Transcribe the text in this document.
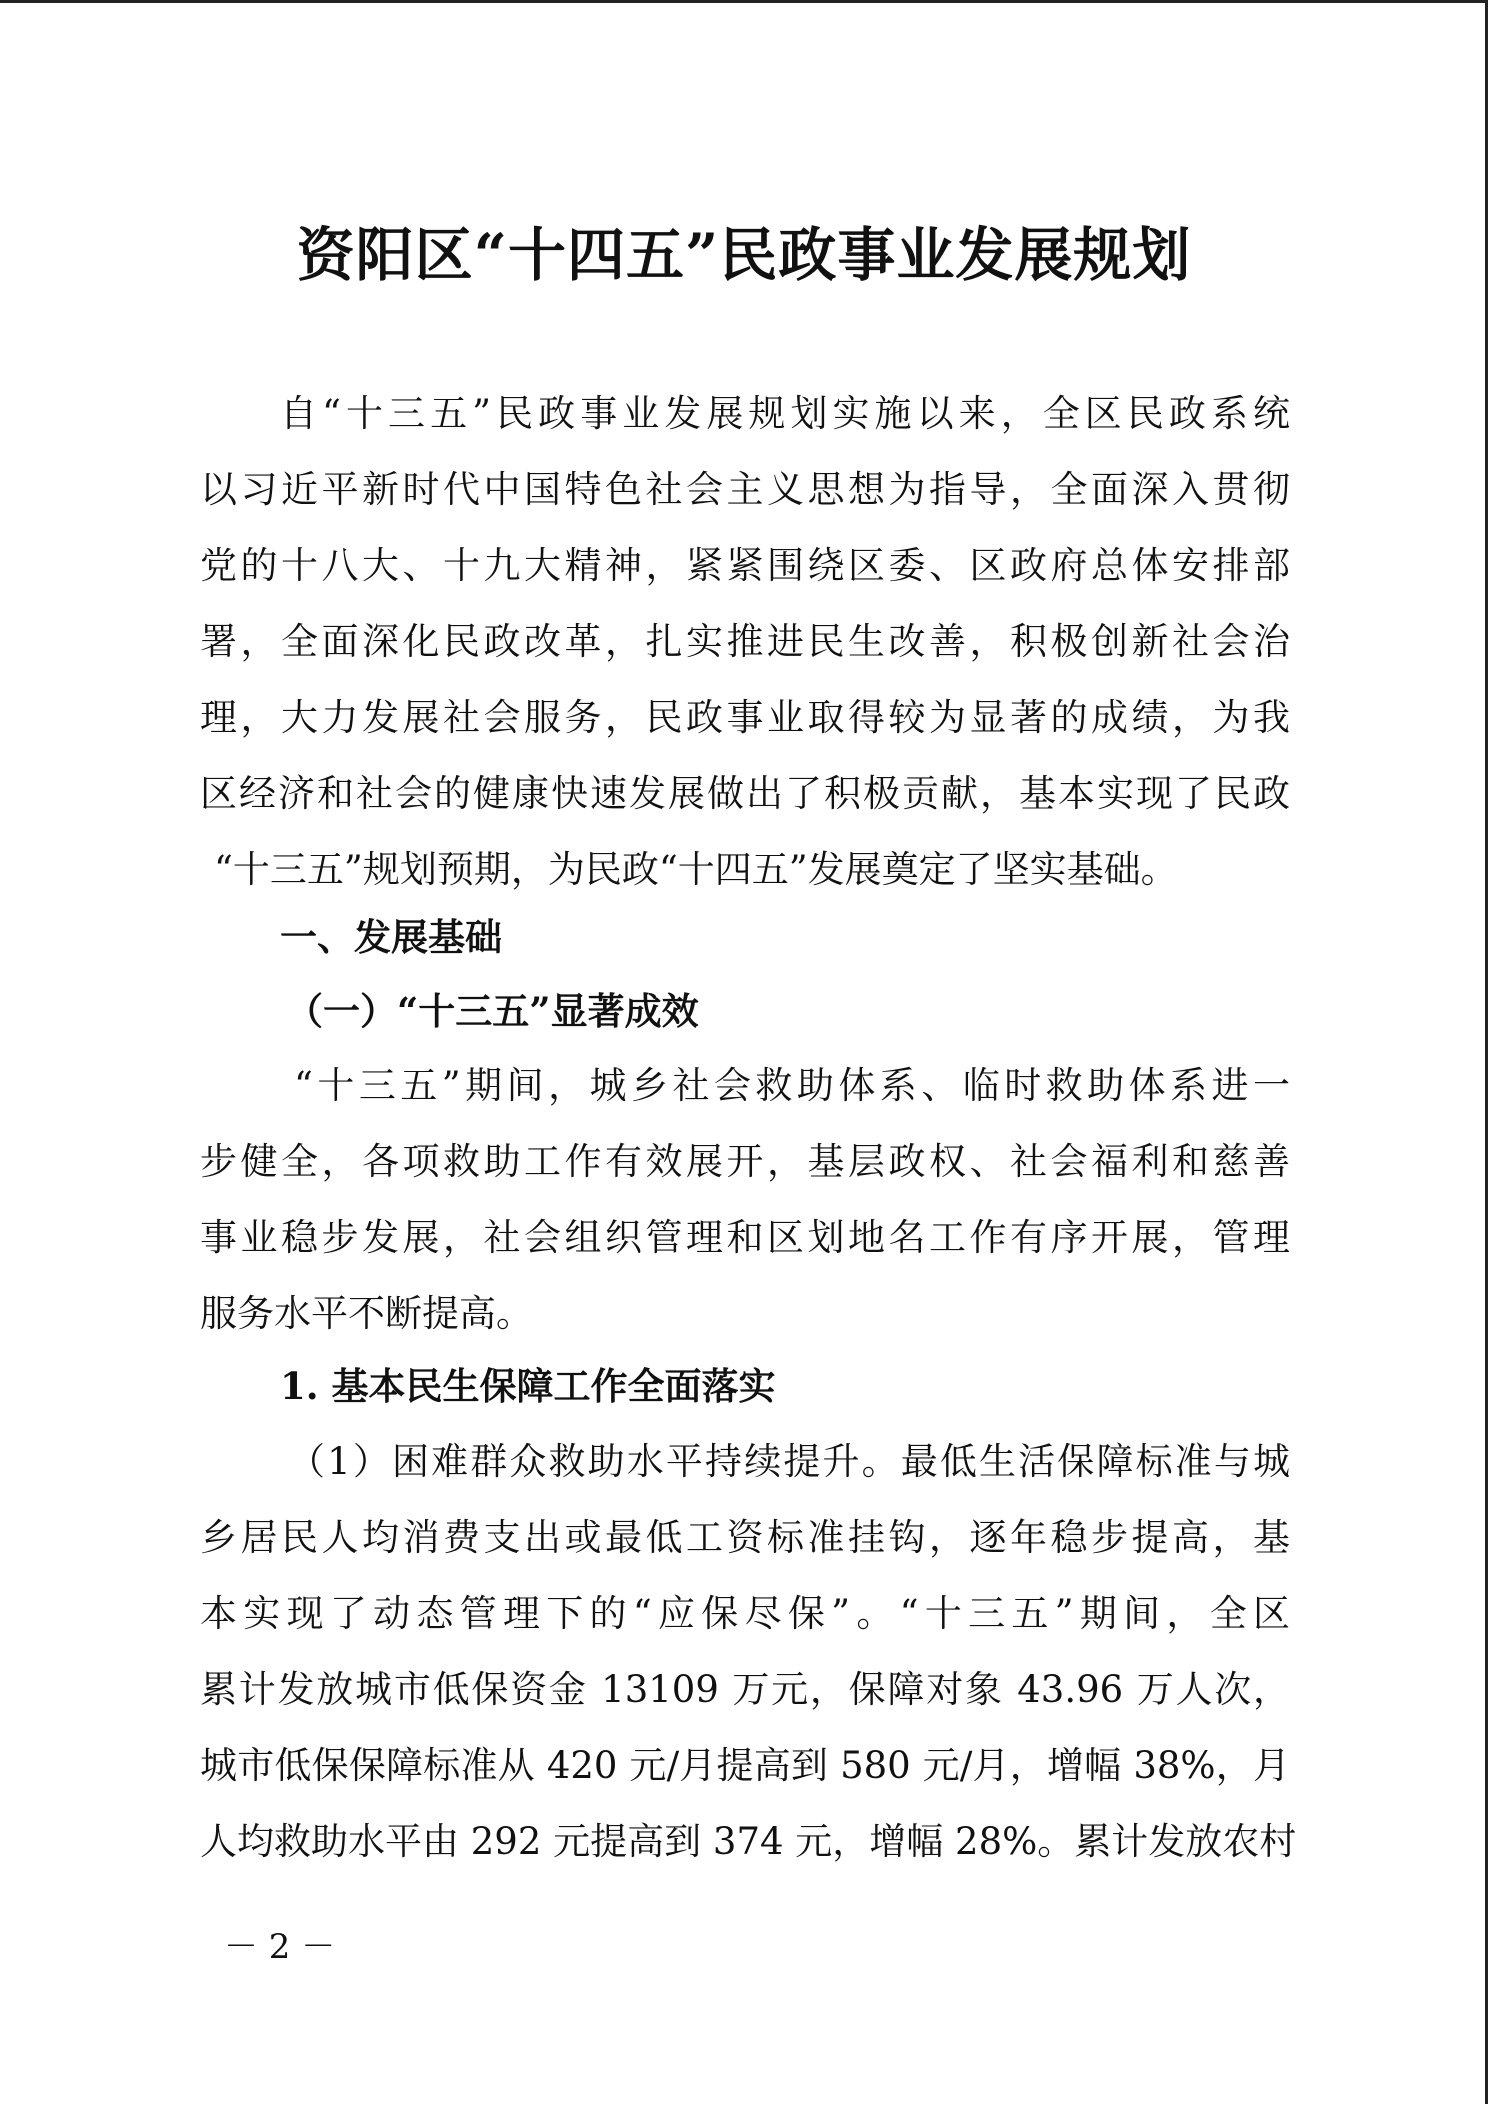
资阳区“十四五”民政事业发展规划

自“十三五”民政事业发展规划实施以来，全区民政系统

以习近平新时代中国特色社会主义思想为指导，全面深入贯彻

党的十八大、十九大精神，紧紧围绕区委、区政府总体安排部

署，全面深化民政改革，扎实推进民生改善，积极创新社会治

理，大力发展社会服务，民政事业取得较为显著的成绩，为我

区经济和社会的健康快速发展做出了积极贡献，基本实现了民政

“十三五”规划预期，为民政“十四五”发展奠定了坚实基础。

一、发展基础

（一）“十三五”显著成效

“十三五”期间，城乡社会救助体系、临时救助体系进一

步健全，各项救助工作有效展开，基层政权、社会福利和慈善

事业稳步发展，社会组织管理和区划地名工作有序开展，管理

服务水平不断提高。

1. 基本民生保障工作全面落实

（1）困难群众救助水平持续提升。最低生活保障标准与城

乡居民人均消费支出或最低工资标准挂钩，逐年稳步提高，基

本实现了动态管理下的“应保尽保”。“十三五”期间，全区

累计发放城市低保资金 13109 万元，保障对象 43.96 万人次，

城市低保保障标准从 420 元/月提高到 580 元/月，增幅 38%，月

人均救助水平由 292 元提高到 374 元，增幅 28%。累计发放农村

－ 2 －
